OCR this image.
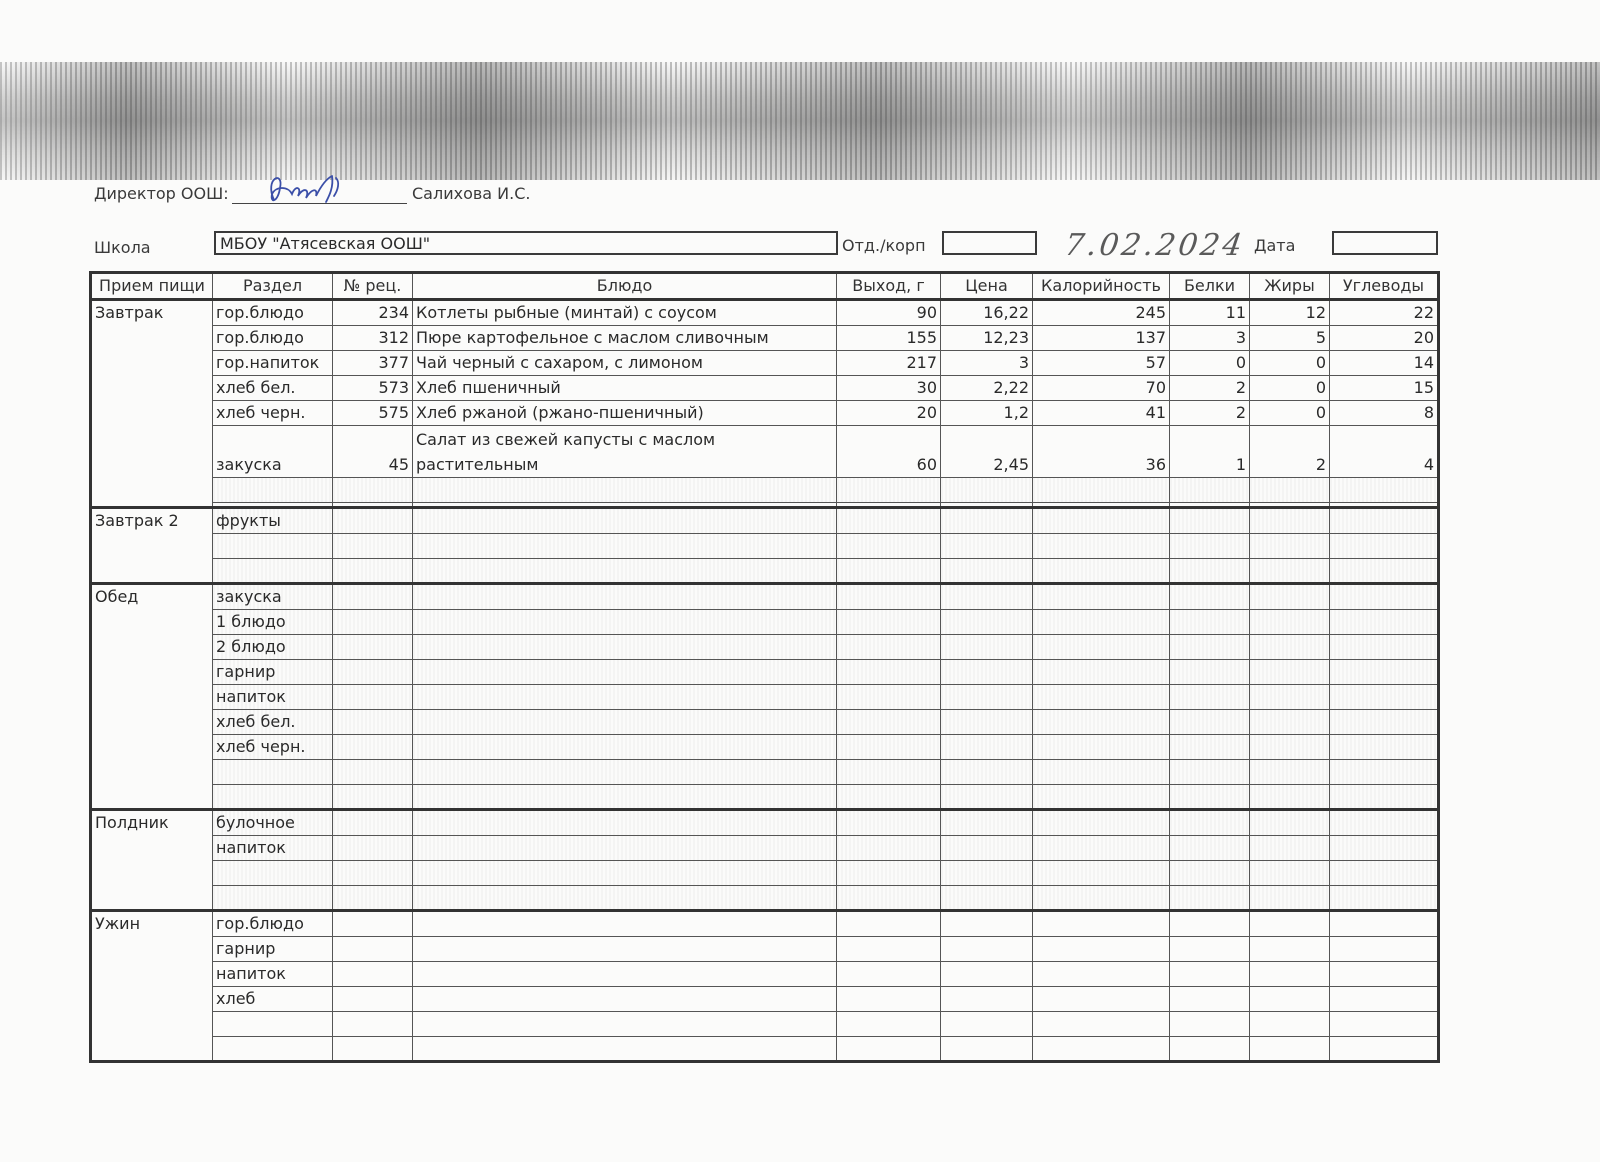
Директор ООШ:	Салихова И.С.
Школа	МБОУ "Атясевская ООШ"	Отд./корп	7.02.2024 Дата
Прием пищи	Раздел	№ рец.	Блюдо	Выход, г	Цена	Калорийность	Белки	Жиры	Углеводы
Завтрак	гор.блюдо	234	Котлеты рыбные (минтай) с соусом	90	16,22	245	11	12	22
	гор.блюдо	312	Пюре картофельное с маслом сливочным	155	12,23	137	3	5	20
	гор.напиток	377	Чай черный с сахаром, с лимоном	217	3	57	0	0	14
	хлеб бел.	573	Хлеб пшеничный	30	2,22	70	2	0	15
	хлеб черн.	575	Хлеб ржаной (ржано-пшеничный)	20	1,2	41	2	0	8
	закуска	45	Салат из свежей капусты с маслом растительным	60	2,45	36	1	2	4

Завтрак 2	фрукты								

Обед	закуска								
	1 блюдо								
	2 блюдо								
	гарнир								
	напиток								
	хлеб бел.								
	хлеб черн.								

Полдник	булочное								
	напиток								

Ужин	гор.блюдо								
	гарнир								
	напиток								
	хлеб								
